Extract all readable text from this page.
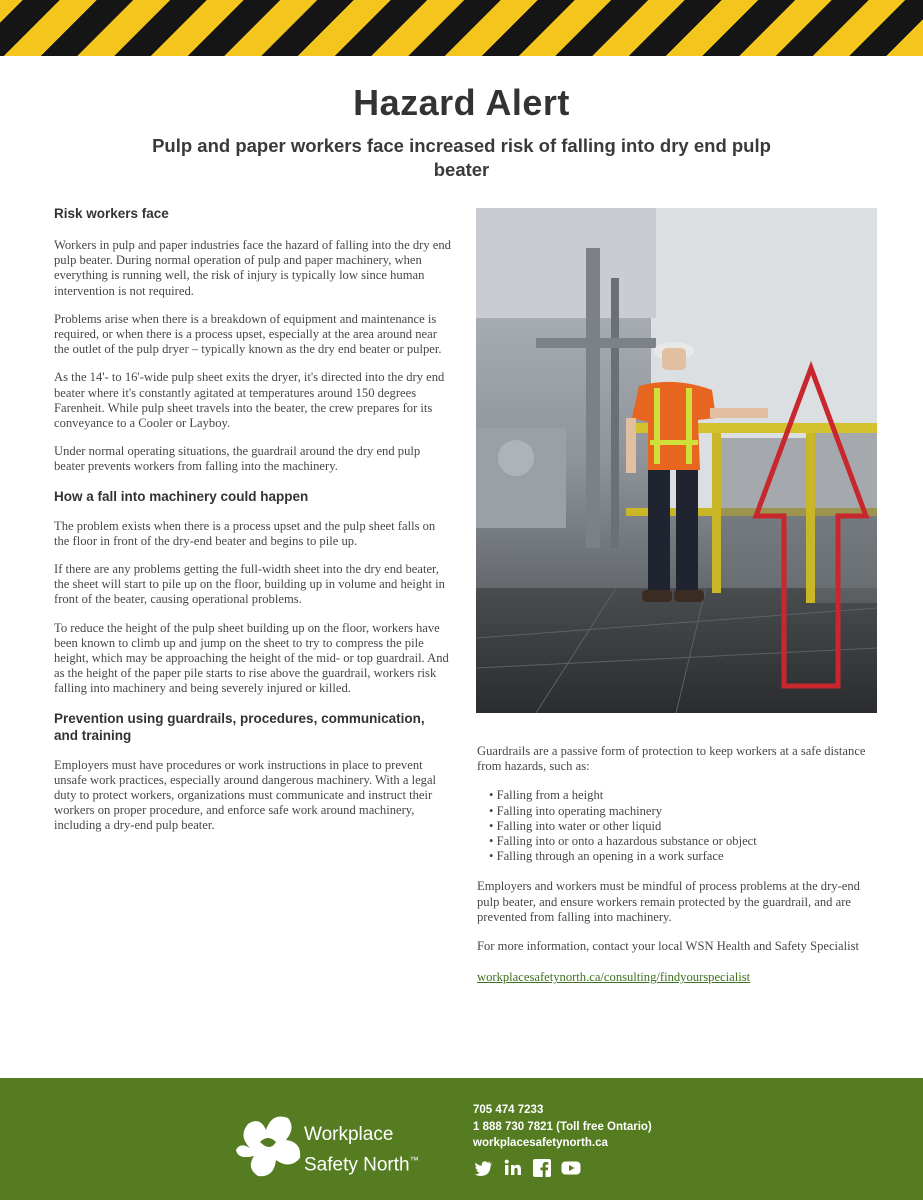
Hazard Alert
Pulp and paper workers face increased risk of falling into dry end pulp beater
Risk workers face

Workers in pulp and paper industries face the hazard of falling into the dry end pulp beater. During normal operation of pulp and paper machinery, when everything is running well, the risk of injury is typically low since human intervention is not required.

Problems arise when there is a breakdown of equipment and maintenance is required, or when there is a process upset, especially at the area around near the outlet of the pulp dryer – typically known as the dry end beater or pulper.

As the 14'- to 16'-wide pulp sheet exits the dryer, it's directed into the dry end beater where it's constantly agitated at temperatures around 150 degrees Farenheit. While pulp sheet travels into the beater, the crew prepares for its conveyance to a Cooler or Layboy.

Under normal operating situations, the guardrail around the dry end pulp beater prevents workers from falling into the machinery.

How a fall into machinery could happen

The problem exists when there is a process upset and the pulp sheet falls on the floor in front of the dry-end beater and begins to pile up.

If there are any problems getting the full-width sheet into the dry end beater, the sheet will start to pile up on the floor, building up in volume and height in front of the beater, causing operational problems.

To reduce the height of the pulp sheet building up on the floor, workers have been known to climb up and jump on the sheet to try to compress the pile height, which may be approaching the height of the mid- or top guardrail. And as the height of the paper pile starts to rise above the guardrail, workers risk falling into machinery and being severely injured or killed.

Prevention using guardrails, procedures, communication, and training

Employers must have procedures or work instructions in place to prevent unsafe work practices, especially around dangerous machinery. With a legal duty to protect workers, organizations must communicate and instruct their workers on proper procedure, and enforce safe work around machinery, including a dry-end pulp beater.

Guardrails are a passive form of protection to keep workers at a safe distance from hazards, such as:

• Falling from a height
• Falling into operating machinery
• Falling into water or other liquid
• Falling into or onto a hazardous substance or object
• Falling through an opening in a work surface

Employers and workers must be mindful of process problems at the dry-end pulp beater, and ensure workers remain protected by the guardrail, and are prevented from falling into machinery.

For more information, contact your local WSN Health and Safety Specialist

workplacesafetynorth.ca/consulting/findyourspecialist
Workplace
Safety North™
705 474 7233
1 888 730 7821 (Toll free Ontario)
workplacesafetynorth.ca
